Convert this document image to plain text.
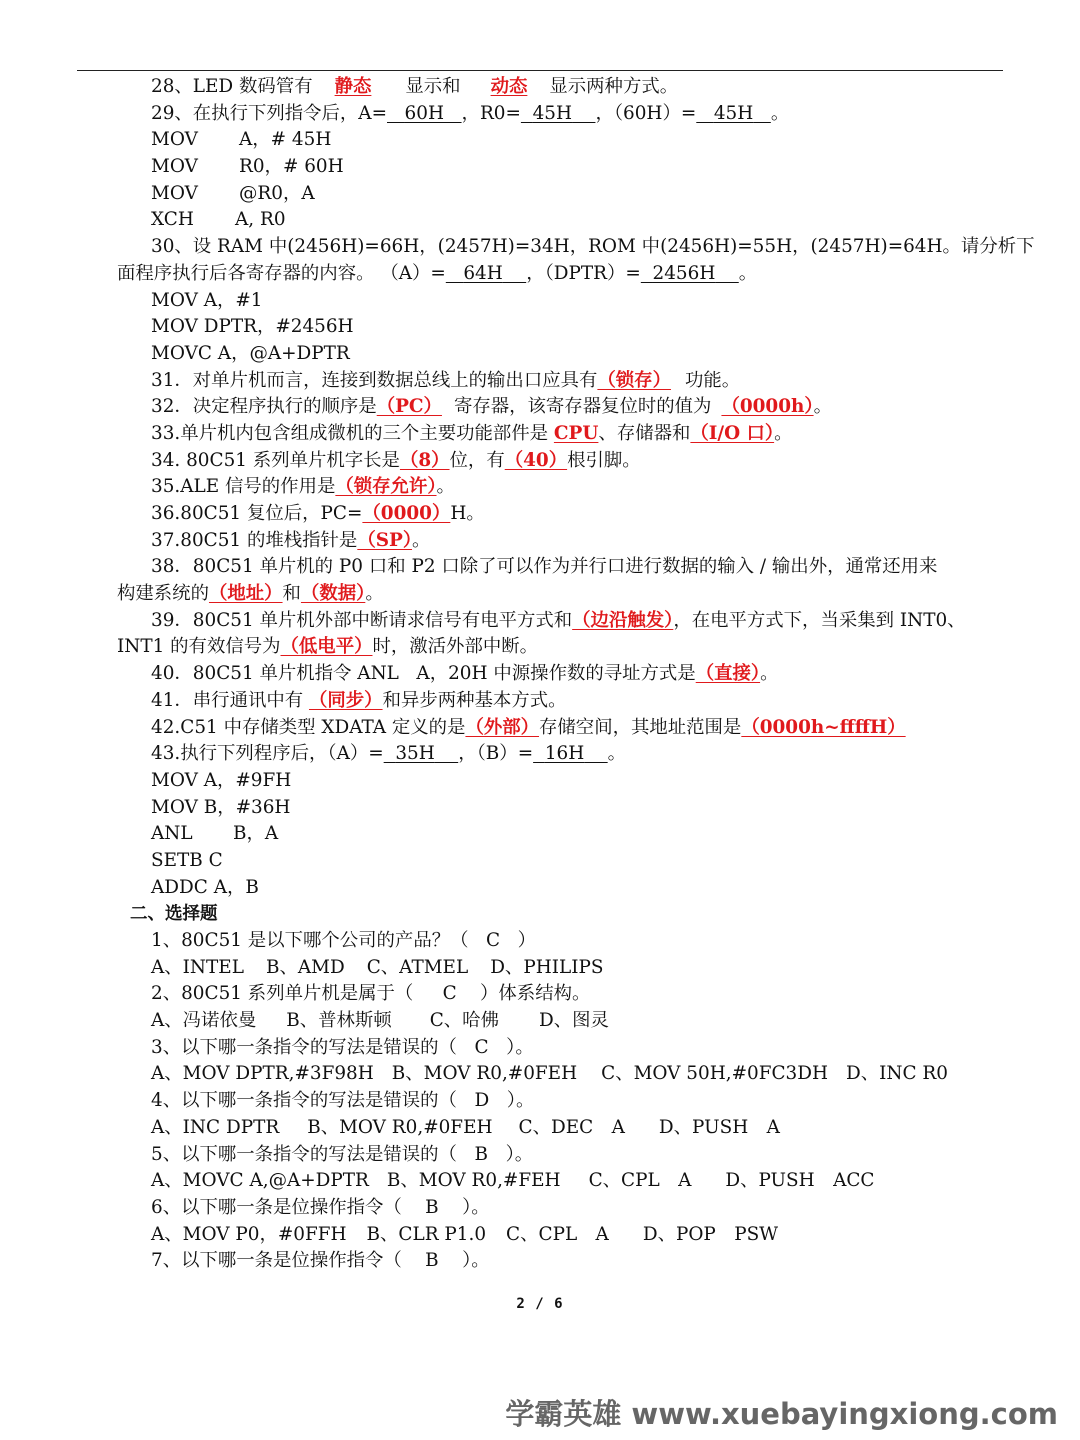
28、LED 数码管有 静态 显示和 动态 显示两种方式。
29、在执行下列指令后，A= 60H ，R0= 45H ，（60H）= 45H 。
MOV A，# 45H
MOV R0，# 60H
MOV @R0，A
XCH A, R0
30、设 RAM 中(2456H)=66H，(2457H)=34H，ROM 中(2456H)=55H，(2457H)=64H。请分析下
面程序执行后各寄存器的内容。 （A）= 64H ，（DPTR）= 2456H 。
MOV A，#1
MOV DPTR，#2456H
MOVC A，@A+DPTR
31．对单片机而言，连接到数据总线上的输出口应具有（锁存） 功能。
32．决定程序执行的顺序是（PC） 寄存器，该寄存器复位时的值为 （0000h）。
33.单片机内包含组成微机的三个主要功能部件是 CPU、存储器和（I/O 口）。
34. 80C51 系列单片机字长是（8）位，有（40）根引脚。
35.ALE 信号的作用是（锁存允许）。
36.80C51 复位后，PC=（0000）H。
37.80C51 的堆栈指针是（SP）。
38．80C51 单片机的 P0 口和 P2 口除了可以作为并行口进行数据的输入 / 输出外，通常还用来
构建系统的（地址）和（数据）。
39．80C51 单片机外部中断请求信号有电平方式和（边沿触发），在电平方式下，当采集到 INT0、
INT1 的有效信号为（低电平）时，激活外部中断。
40．80C51 单片机指令 ANL   A，20H 中源操作数的寻址方式是（直接）。
41．串行通讯中有 （同步）和异步两种基本方式。
42.C51 中存储类型 XDATA 定义的是（外部）存储空间，其地址范围是（0000h~ffffH）
43.执行下列程序后，（A）= 35H ，（B）= 16H 。
MOV A，#9FH
MOV B，#36H
ANL B，A
SETB C
ADDC A，B
二、选择题
1、80C51 是以下哪个公司的产品？（ C ）
A、INTEL B、AMD C、ATMEL D、PHILIPS
2、80C51 系列单片机是属于（ C ）体系结构。
A、冯诺依曼 B、普林斯顿 C、哈佛 D、图灵
3、以下哪一条指令的写法是错误的（ C ）。
A、MOV DPTR,#3F98H B、MOV R0,#0FEH C、MOV 50H,#0FC3DH D、INC R0
4、以下哪一条指令的写法是错误的（ D ）。
A、INC DPTR B、MOV R0,#0FEH C、DEC　A D、PUSH　A
5、以下哪一条指令的写法是错误的（ B ）。
A、MOVC A,@A+DPTR B、MOV R0,#FEH C、CPL　A D、PUSH　ACC
6、以下哪一条是位操作指令（ B ）。
A、MOV P0，#0FFH B、CLR P1.0 C、CPL　A D、POP　PSW
7、以下哪一条是位操作指令（ B ）。
2 / 6
学霸英雄 www.xuebayingxiong.com
